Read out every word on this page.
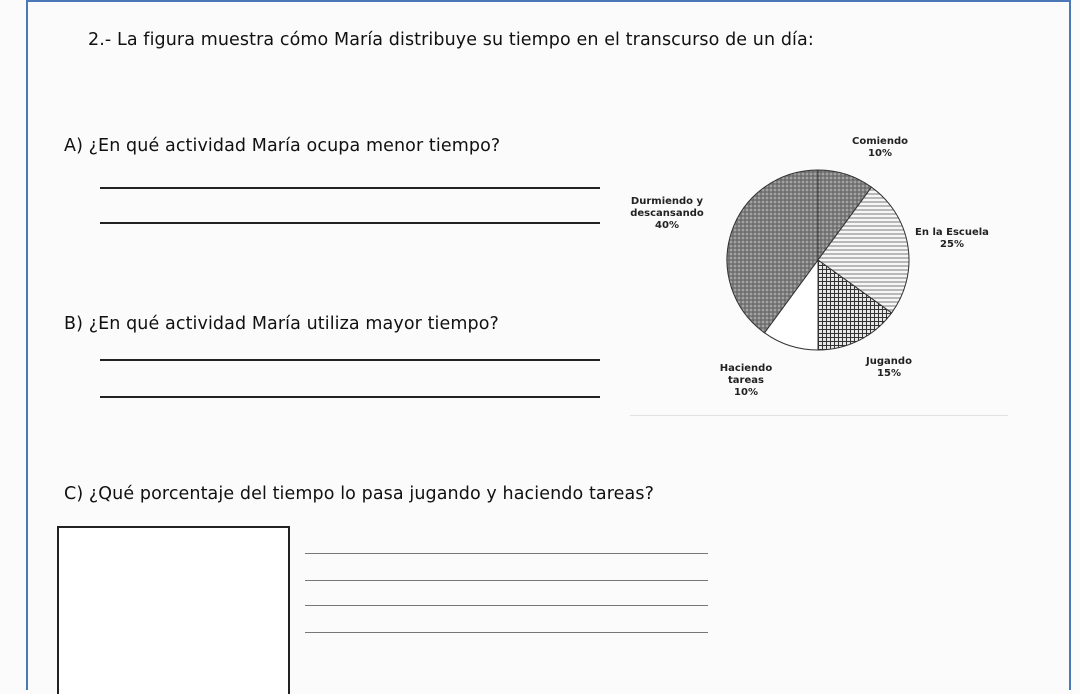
2.- La figura muestra cómo María distribuye su tiempo en el transcurso de un día:
A) ¿En qué actividad María ocupa menor tiempo?
B) ¿En qué actividad María utiliza mayor tiempo?
C) ¿Qué porcentaje del tiempo lo pasa jugando y haciendo tareas?
Comiendo 10%
En la Escuela 25%
Jugando 15%
Haciendo tareas 10%
Durmiendo y descansando 40%
